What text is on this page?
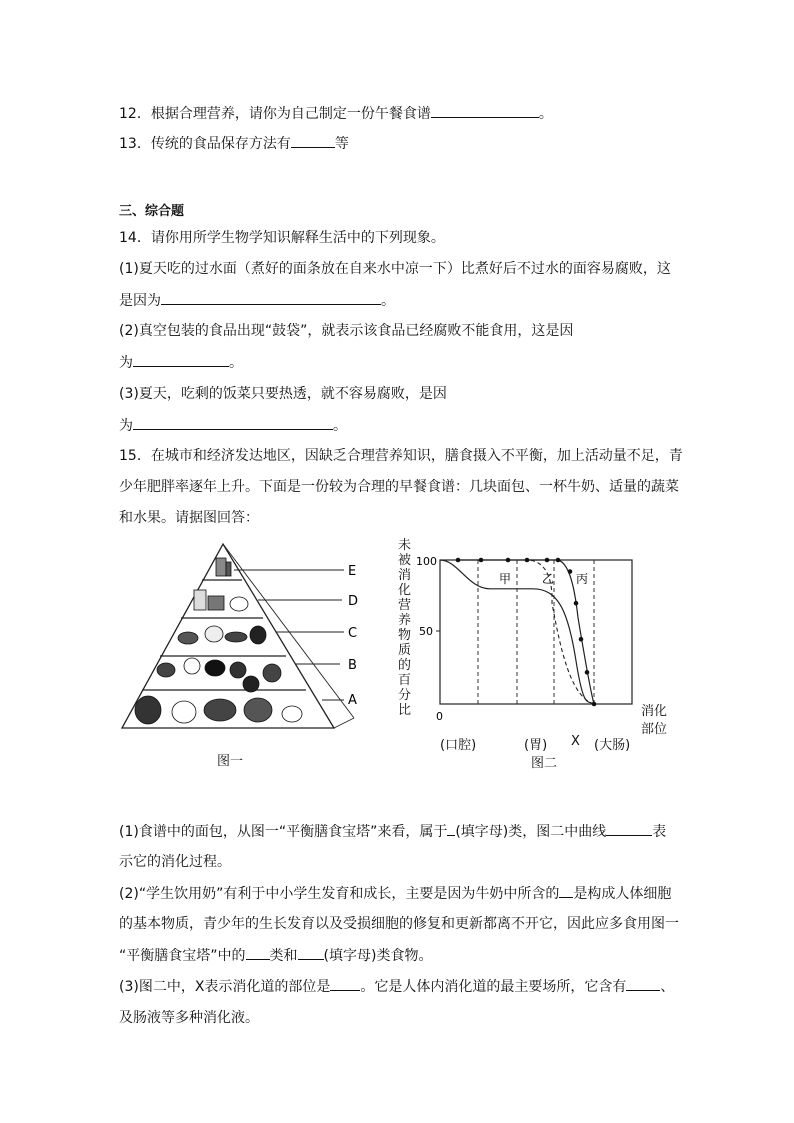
12．根据合理营养，请你为自己制定一份午餐食谱	。
13．传统的食品保存方法有	等
三、综合题
14．请你用所学生物学知识解释生活中的下列现象。
(1)夏天吃的过水面（煮好的面条放在自来水中凉一下）比煮好后不过水的面容易腐败，这
是因为	。
(2)真空包装的食品出现“鼓袋”，就表示该食品已经腐败不能食用，这是因
为	。
(3)夏天，吃剩的饭菜只要热透，就不容易腐败，是因
为	。
15．在城市和经济发达地区，因缺乏合理营养知识，膳食摄入不平衡，加上活动量不足，青
少年肥胖率逐年上升。下面是一份较为合理的早餐食谱：几块面包、一杯牛奶、适量的蔬菜
和水果。请据图回答：
E
D
C
B
A
图一
未被消化营养物质的百分比
100
50
0
甲	乙 丙
消化
部位
(口腔)	(胃) X (大肠)
图二
(1)食谱中的面包，从图一“平衡膳食宝塔”来看，属于 (填字母)类，图二中曲线	表
示它的消化过程。
(2)“学生饮用奶”有利于中小学生发育和成长，主要是因为牛奶中所含的 是构成人体细胞
的基本物质，青少年的生长发育以及受损细胞的修复和更新都离不开它，因此应多食用图一
“平衡膳食宝塔”中的 类和 (填字母)类食物。
(3)图二中，X表示消化道的部位是 。它是人体内消化道的最主要场所，它含有 、
及肠液等多种消化液。
